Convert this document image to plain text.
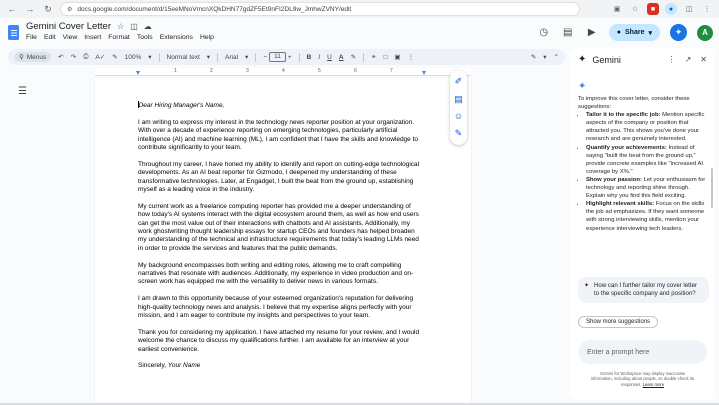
← → ↻	⚙ docs.google.com/document/d/15eeMNoVmcnXQkDHN77gdZF5Et9nFI2DL9w_JmhwZVNY/edit	▣	☆	■	●	◫	⋮
Gemini Cover Letter ☆ ◫ ☁
File Edit View Insert Format Tools Extensions Help	◷ ▤	▶	● Share ▾	✦	A
⚲ Menus ↶ ↷ ⎙ A✓ ✎ 100% ▾ Normal text ▾ Arial ▾ −	11	+ B I U A ✎ ⚭ □ ▣ ⋮	✎ ▾ ⌃
1	2	3	4	5	6	7
☰

Dear Hiring Manager's Name,

I am writing to express my interest in the technology news reporter position at your organization. With over a decade of experience reporting on emerging technologies, particularly artificial intelligence (AI) and machine learning (ML), I am confident that I have the skills and knowledge to contribute significantly to your team.

Throughout my career, I have honed my ability to identify and report on cutting-edge technological developments. As an AI beat reporter for Gizmodo, I deepened my understanding of these transformative technologies. Later, at Engadget, I built the beat from the ground up, establishing myself as a leading voice in the industry.

My current work as a freelance computing reporter has provided me a deeper understanding of how today's AI systems interact with the digital ecosystem around them, as well as how end users can get the most value out of their interactions with chatbots and AI assistants. Additionally, my work ghostwriting thought leadership essays for startup CEOs and founders has helped broaden my understanding of the technical and infrastructure requirements that today's leading LLMs need in order to provide the services and features that the public demands.

My background encompasses both writing and editing roles, allowing me to craft compelling narratives that resonate with audiences. Additionally, my experience in video production and on-screen work has equipped me with the versatility to deliver news in various formats.

I am drawn to this opportunity because of your esteemed organization's reputation for delivering high-quality technology news and analysis. I believe that my expertise aligns perfectly with your mission, and I am eager to contribute my insights and perspectives to your team.

Thank you for considering my application. I have attached my resume for your review, and I would welcome the chance to discuss my qualifications further. I am available for an interview at your earliest convenience.

Sincerely, Your Name

✐
▤
☺
✎
✦ Gemini	⋮ ↗ ✕
✦
To improve this cover letter, consider these suggestions:
• Tailor it to the specific job: Mention specific aspects of the company or position that attracted you. This shows you've done your research and are genuinely interested.
• Quantify your achievements: Instead of saying "built the beat from the ground up," provide concrete examples like "increased AI coverage by X%."
• Show your passion: Let your enthusiasm for technology and reporting shine through. Explain why you find this field exciting.
• Highlight relevant skills: Focus on the skills the job ad emphasizes. If they want someone with strong interviewing skills, mention your experience interviewing tech leaders.
✦ How can I further tailor my cover letter to the specific company and position?
Show more suggestions
Enter a prompt here
Gemini for Workspace may display inaccurate information, including about people, so double-check its responses. Learn more
